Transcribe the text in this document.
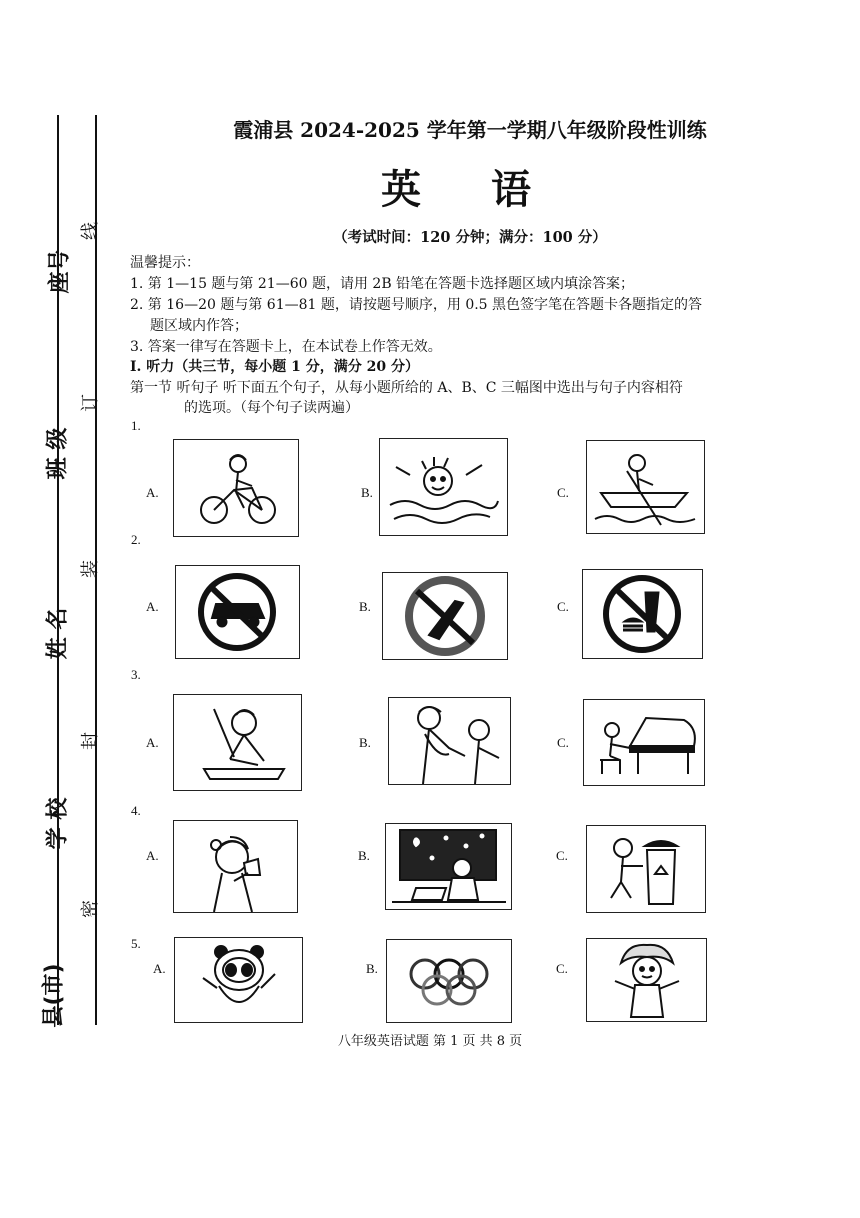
座号
班 级
姓 名
学 校
县(市)
线
订
装
封
密
霞浦县 2024-2025 学年第一学期八年级阶段性训练
英 语
（考试时间：120 分钟；满分：100 分）
温馨提示：
1. 第 1—15 题与第 21—60 题，请用 2B 铅笔在答题卡选择题区域内填涂答案；
2. 第 16—20 题与第 61—81 题，请按题号顺序，用 0.5 黑色签字笔在答题卡各题指定的答
题区域内作答；
3. 答案一律写在答题卡上，在本试卷上作答无效。
Ⅰ. 听力（共三节，每小题 1 分，满分 20 分）
第一节 听句子 听下面五个句子，从每小题所给的 A、B、C 三幅图中选出与句子内容相符
的选项。（每个句子读两遍）
1.
A.	B.	C.
2.
A.	B.	C.
3.
A.	B.	C.
4.
A.	B.	C.
5.
A.	B.	C.
八年级英语试题 第 1 页 共 8 页
